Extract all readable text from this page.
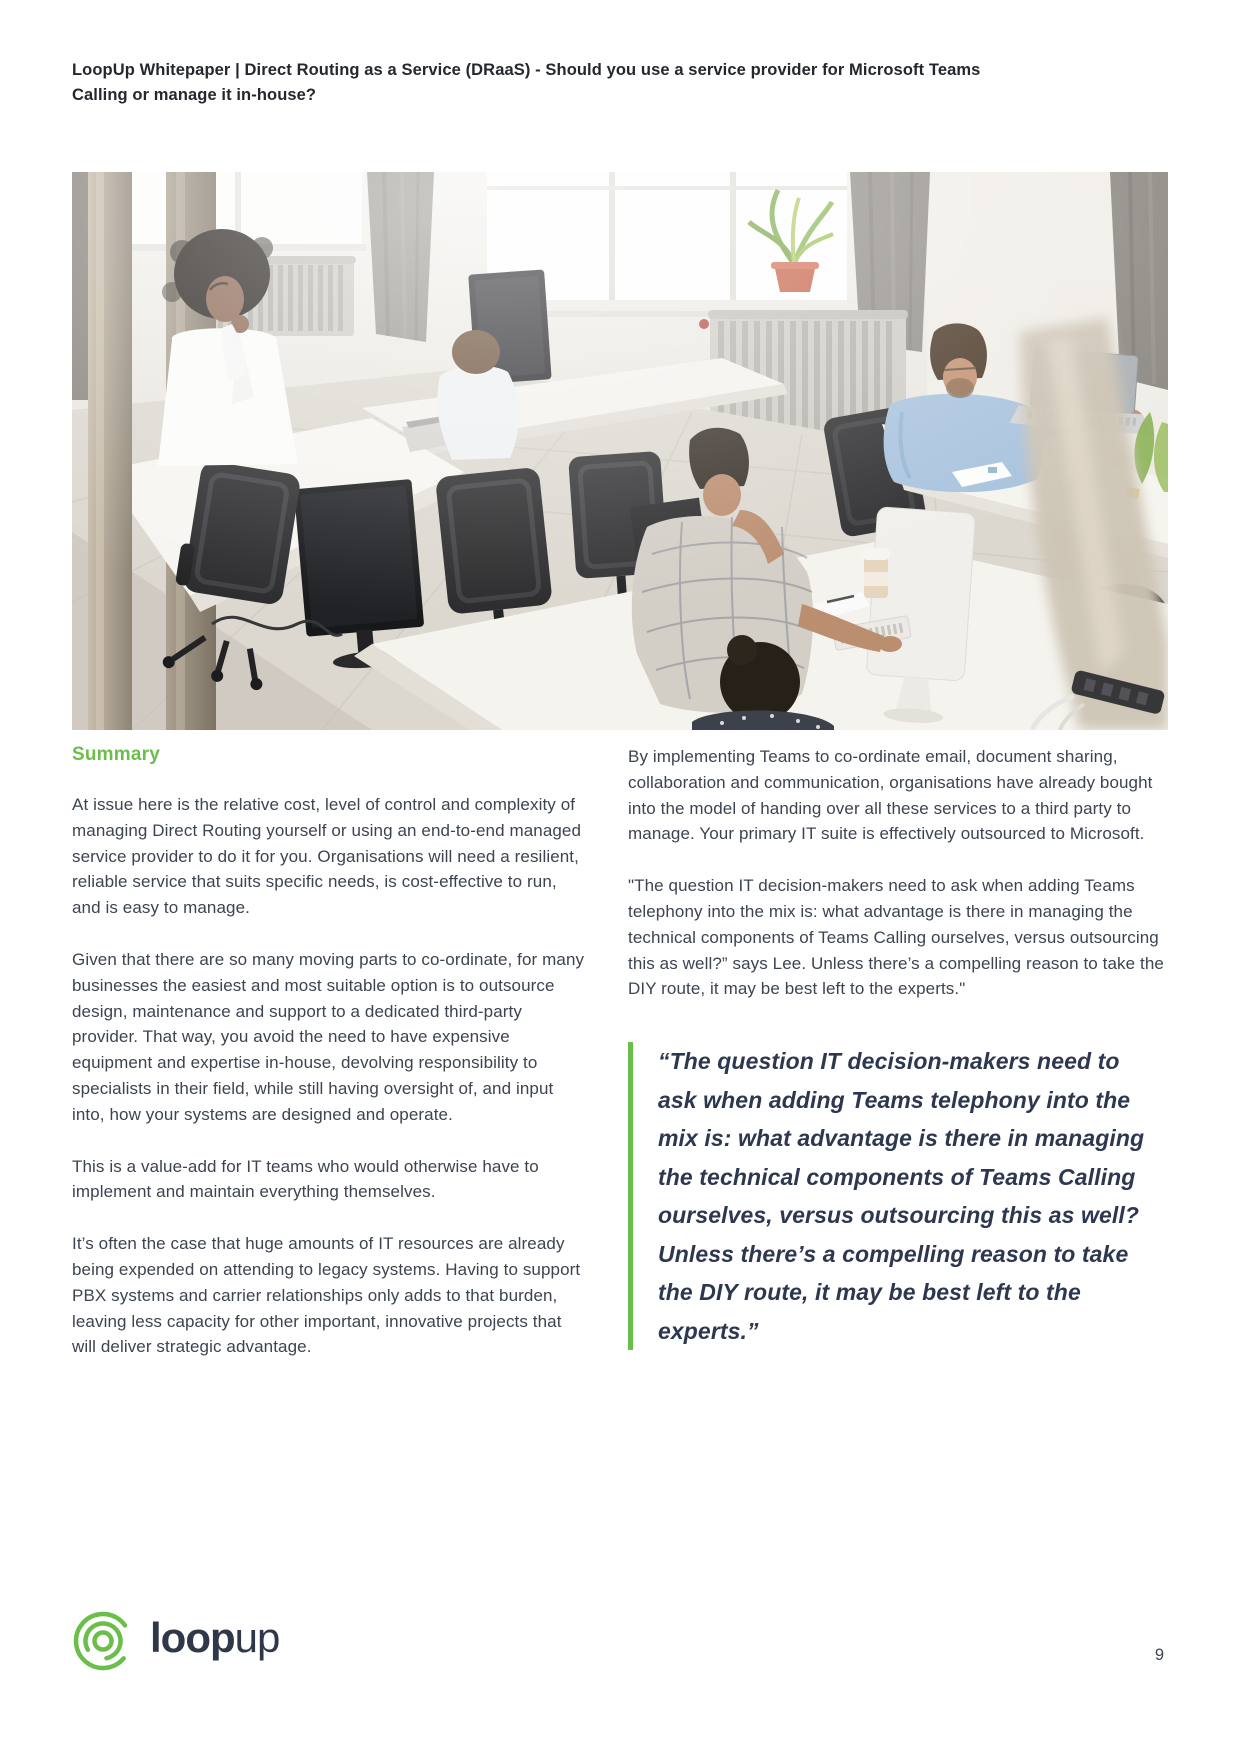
LoopUp Whitepaper | Direct Routing as a Service (DRaaS) - Should you use a service provider for Microsoft Teams Calling or manage it in-house?
Summary

At issue here is the relative cost, level of control and complexity of managing Direct Routing yourself or using an end-to-end managed service provider to do it for you. Organisations will need a resilient, reliable service that suits specific needs, is cost-effective to run, and is easy to manage.

Given that there are so many moving parts to co-ordinate, for many businesses the easiest and most suitable option is to outsource design, maintenance and support to a dedicated third-party provider. That way, you avoid the need to have expensive equipment and expertise in-house, devolving responsibility to specialists in their field, while still having oversight of, and input into, how your systems are designed and operate.

This is a value-add for IT teams who would otherwise have to implement and maintain everything themselves.

It’s often the case that huge amounts of IT resources are already being expended on attending to legacy systems. Having to support PBX systems and carrier relationships only adds to that burden, leaving less capacity for other important, innovative projects that will deliver strategic advantage.

By implementing Teams to co-ordinate email, document sharing, collaboration and communication, organisations have already bought into the model of handing over all these services to a third party to manage. Your primary IT suite is effectively outsourced to Microsoft.

"The question IT decision-makers need to ask when adding Teams telephony into the mix is: what advantage is there in managing the technical components of Teams Calling ourselves, versus outsourcing this as well?” says Lee. Unless there’s a compelling reason to take the DIY route, it may be best left to the experts."

“The question IT decision-makers need to ask when adding Teams telephony into the mix is: what advantage is there in managing the technical components of Teams Calling ourselves, versus outsourcing this as well? Unless there’s a compelling reason to take the DIY route, it may be best left to the experts.”
loopup	9
